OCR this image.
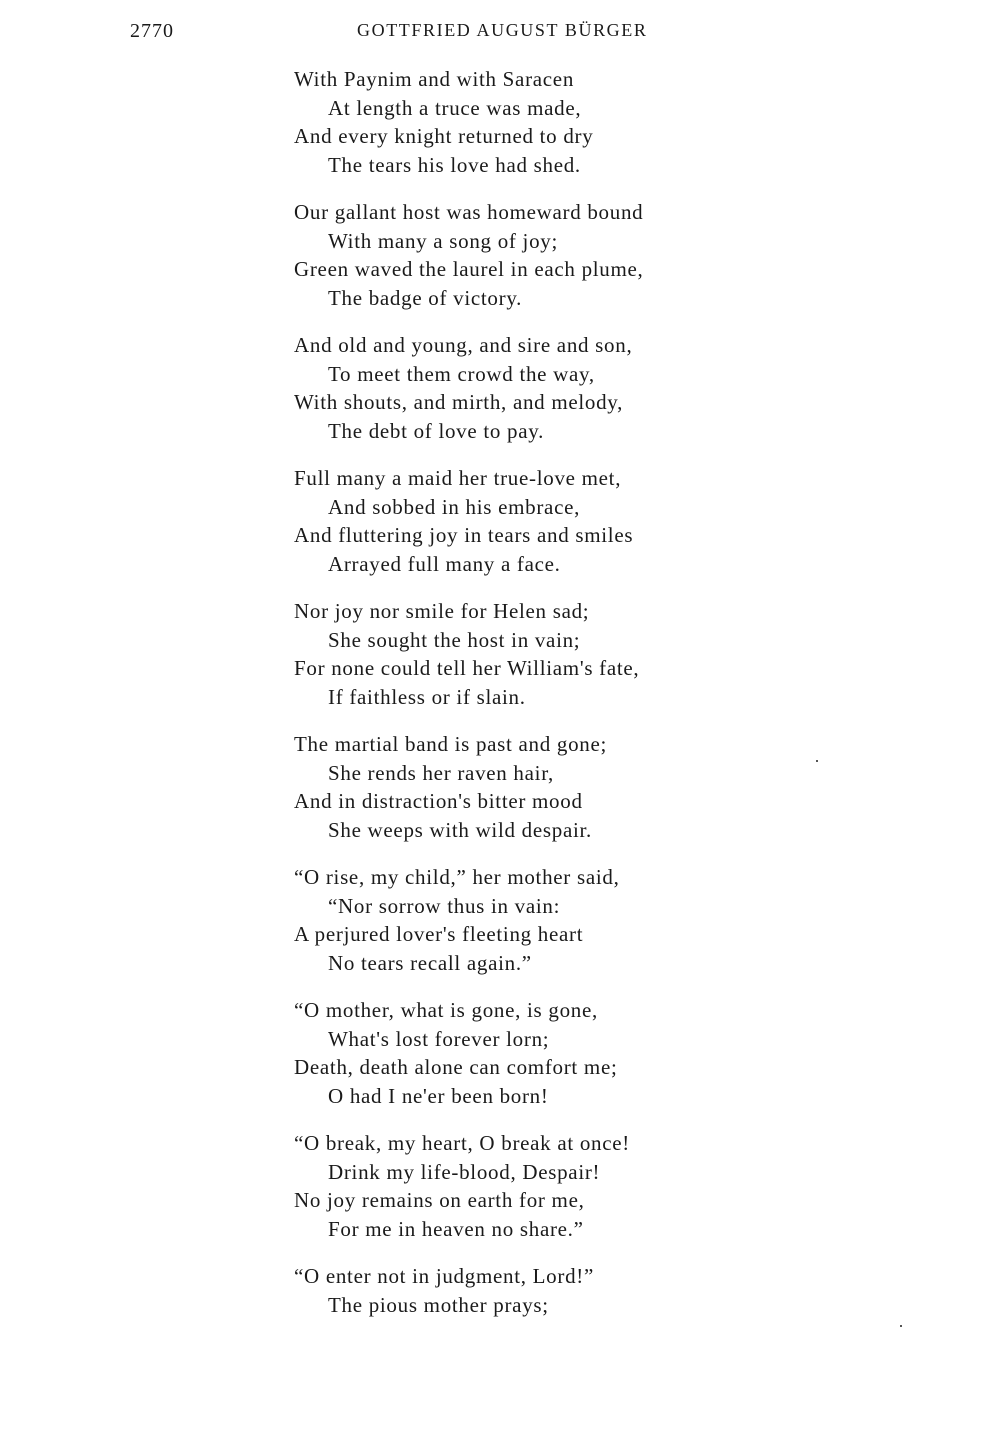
2770	GOTTFRIED AUGUST BÜRGER
With Paynim and with Saracen
At length a truce was made,
And every knight returned to dry
The tears his love had shed.
Our gallant host was homeward bound
With many a song of joy;
Green waved the laurel in each plume,
The badge of victory.
And old and young, and sire and son,
To meet them crowd the way,
With shouts, and mirth, and melody,
The debt of love to pay.
Full many a maid her true-love met,
And sobbed in his embrace,
And fluttering joy in tears and smiles
Arrayed full many a face.
Nor joy nor smile for Helen sad;
She sought the host in vain;
For none could tell her William's fate,
If faithless or if slain.
The martial band is past and gone;
She rends her raven hair,
And in distraction's bitter mood
She weeps with wild despair.
“O rise, my child,” her mother said,
“Nor sorrow thus in vain:
A perjured lover's fleeting heart
No tears recall again.”
“O mother, what is gone, is gone,
What's lost forever lorn;
Death, death alone can comfort me;
O had I ne'er been born!
“O break, my heart, O break at once!
Drink my life-blood, Despair!
No joy remains on earth for me,
For me in heaven no share.”
“O enter not in judgment, Lord!”
The pious mother prays;
